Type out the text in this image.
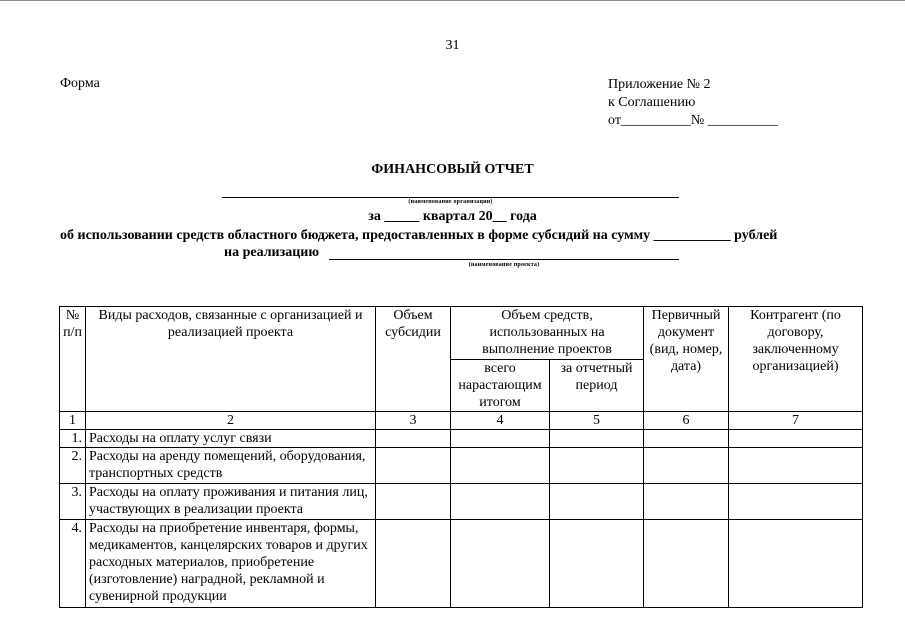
31
Форма	Приложение № 2
к Соглашению
от__________№ __________
ФИНАНСОВЫЙ ОТЧЕТ
(наименование организации)
за _____ квартал 20__ года
об использовании средств областного бюджета, предоставленных в форме субсидий на сумму ___________ рублей
на реализацию
(наименование проекта)
№ п/п	Виды расходов, связанные с организацией и реализацией проекта	Объем субсидии	Объем средств, использованных на выполнение проектов		Первичный документ (вид, номер, дата)	Контрагент (по договору, заключенному организацией)
			всего нарастающим итогом	за отчетный период		
1	2	3	4	5	6	7
1.	Расходы на оплату услуг связи					
2.	Расходы на аренду помещений, оборудования, транспортных средств					
3.	Расходы на оплату проживания и питания лиц, участвующих в реализации проекта					
4.	Расходы на приобретение инвентаря, формы, медикаментов, канцелярских товаров и других расходных материалов, приобретение (изготовление) наградной, рекламной и сувенирной продукции					
